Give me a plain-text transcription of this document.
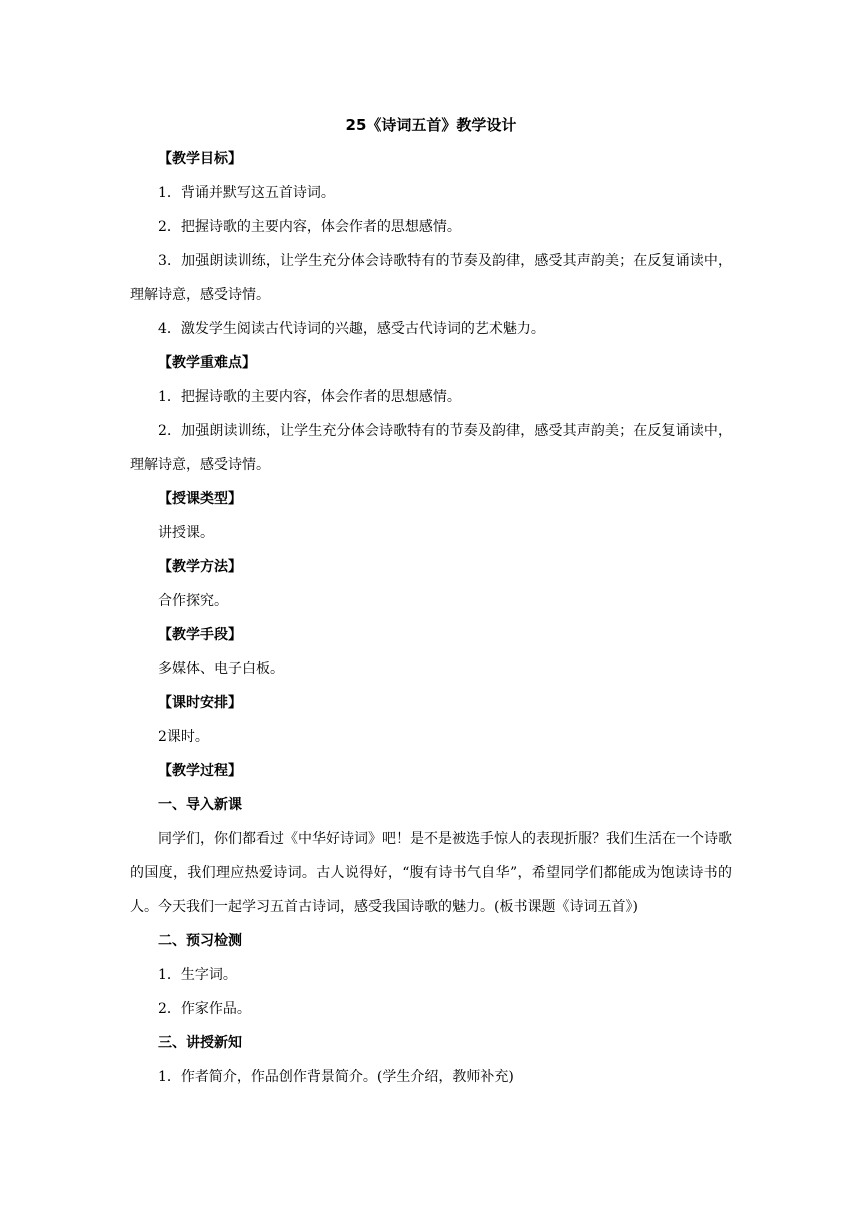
25《诗词五首》教学设计

【教学目标】

1．背诵并默写这五首诗词。

2．把握诗歌的主要内容，体会作者的思想感情。

3．加强朗读训练，让学生充分体会诗歌特有的节奏及韵律，感受其声韵美；在反复诵读中，理解诗意，感受诗情。

4．激发学生阅读古代诗词的兴趣，感受古代诗词的艺术魅力。

【教学重难点】

1．把握诗歌的主要内容，体会作者的思想感情。

2．加强朗读训练，让学生充分体会诗歌特有的节奏及韵律，感受其声韵美；在反复诵读中，理解诗意，感受诗情。

【授课类型】

讲授课。

【教学方法】

合作探究。

【教学手段】

多媒体、电子白板。

【课时安排】

2课时。

【教学过程】

一、导入新课

同学们，你们都看过《中华好诗词》吧！是不是被选手惊人的表现折服？我们生活在一个诗歌的国度，我们理应热爱诗词。古人说得好，“腹有诗书气自华”，希望同学们都能成为饱读诗书的人。今天我们一起学习五首古诗词，感受我国诗歌的魅力。(板书课题《诗词五首》)

二、预习检测

1．生字词。

2．作家作品。

三、讲授新知

1．作者简介，作品创作背景简介。(学生介绍，教师补充)
